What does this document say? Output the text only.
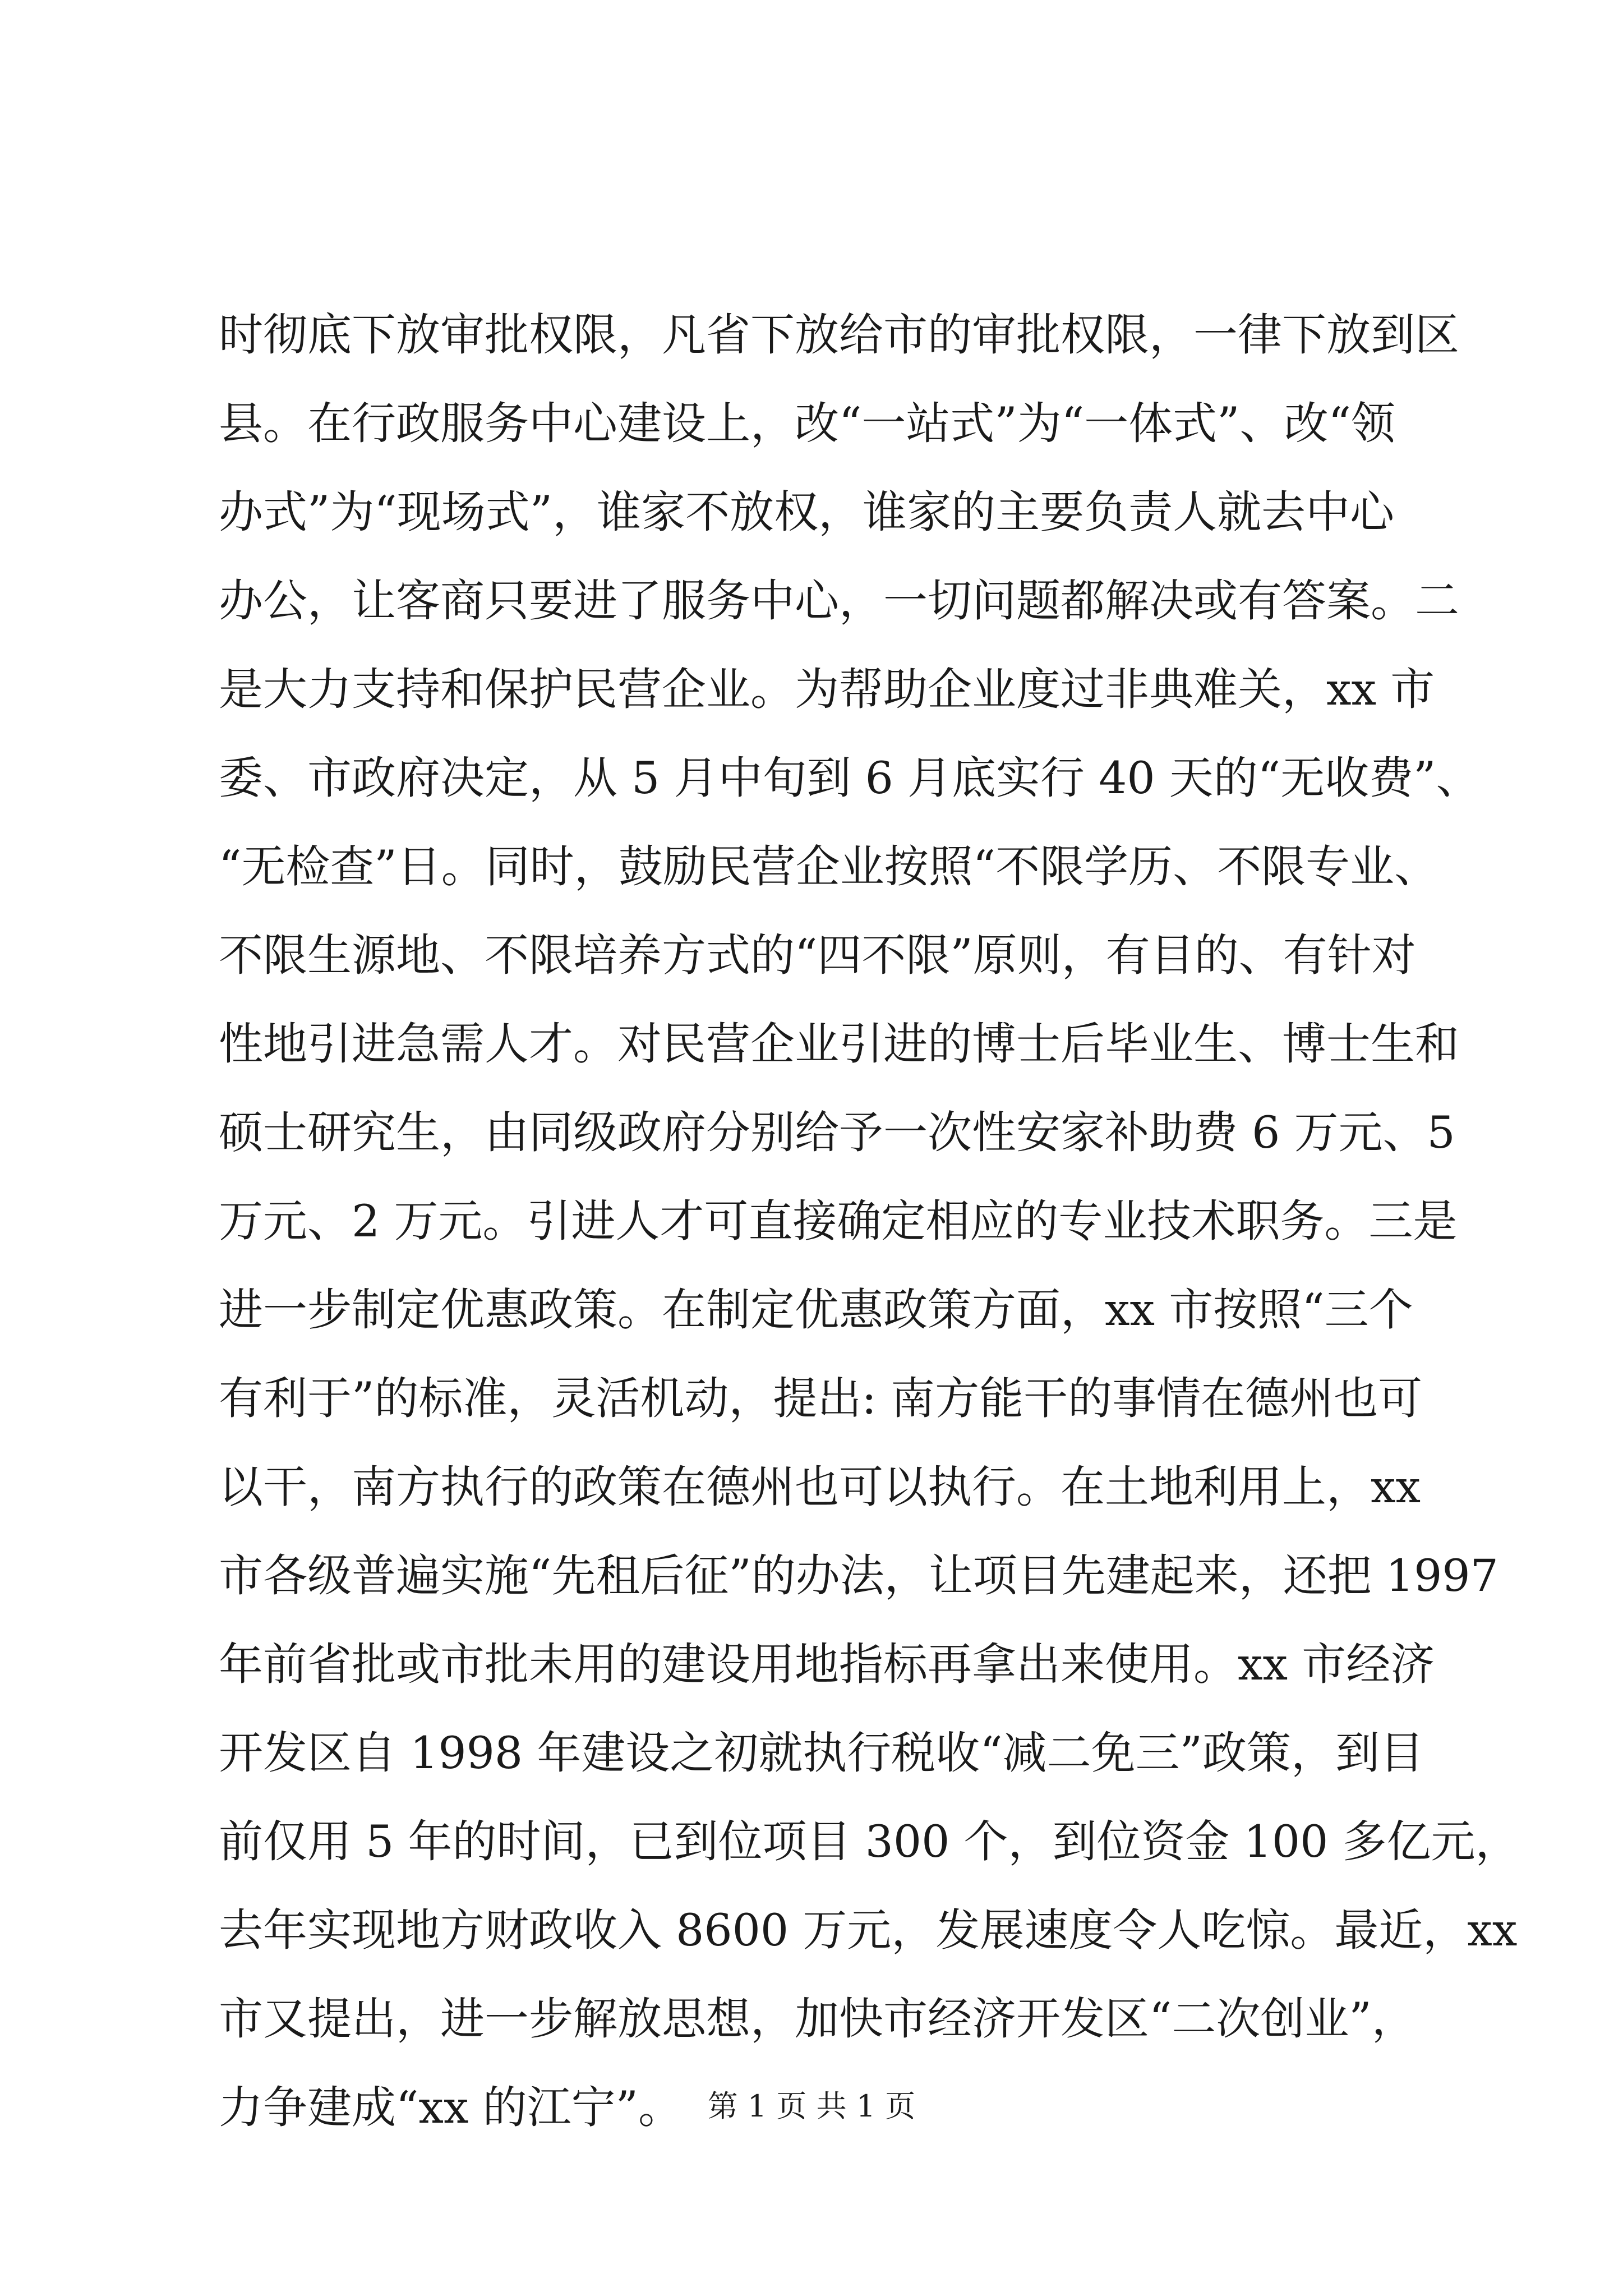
时彻底下放审批权限，凡省下放给市的审批权限，一律下放到区
县。在行政服务中心建设上，改“一站式”为“一体式”、改“领
办式”为“现场式”，谁家不放权，谁家的主要负责人就去中心
办公，让客商只要进了服务中心，一切问题都解决或有答案。二
是大力支持和保护民营企业。为帮助企业度过非典难关，xx 市
委、市政府决定，从 5 月中旬到 6 月底实行 40 天的“无收费”、
“无检查”日。同时，鼓励民营企业按照“不限学历、不限专业、
不限生源地、不限培养方式的“四不限”原则，有目的、有针对
性地引进急需人才。对民营企业引进的博士后毕业生、博士生和
硕士研究生，由同级政府分别给予一次性安家补助费 6 万元、5
万元、2 万元。引进人才可直接确定相应的专业技术职务。三是
进一步制定优惠政策。在制定优惠政策方面，xx 市按照“三个
有利于”的标准，灵活机动，提出: 南方能干的事情在德州也可
以干，南方执行的政策在德州也可以执行。在土地利用上，xx
市各级普遍实施“先租后征”的办法，让项目先建起来，还把 1997
年前省批或市批未用的建设用地指标再拿出来使用。xx 市经济
开发区自 1998 年建设之初就执行税收“减二免三”政策，到目
前仅用 5 年的时间，已到位项目 300 个，到位资金 100 多亿元，
去年实现地方财政收入 8600 万元，发展速度令人吃惊。最近，xx
市又提出，进一步解放思想，加快市经济开发区“二次创业”，
力争建成“xx 的江宁”。 第 1 页 共 1 页
